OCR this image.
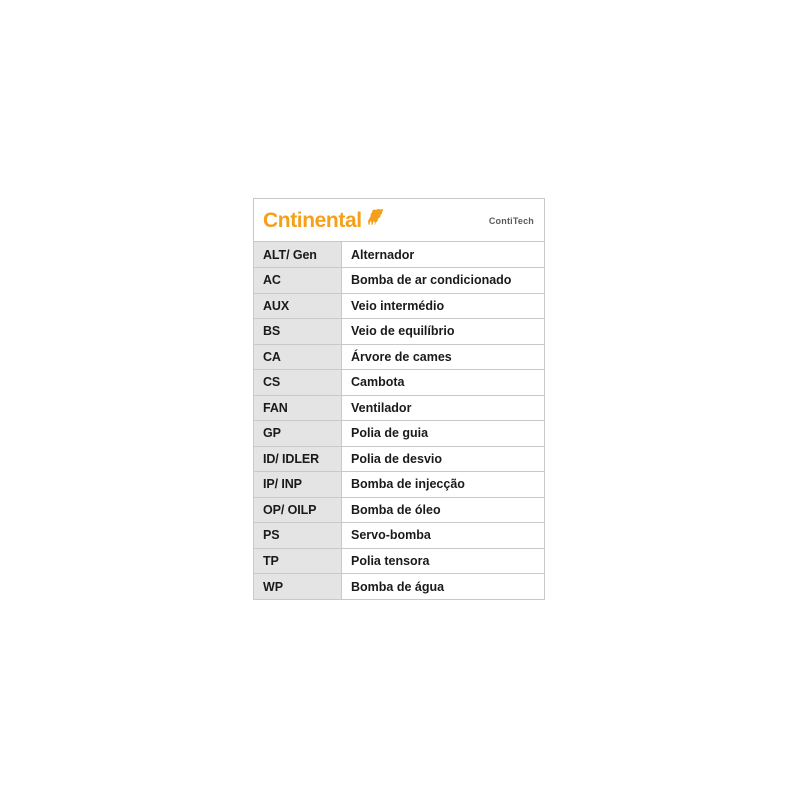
Cntinental	ContiTech
ALT/ Gen	Alternador
AC	Bomba de ar condicionado
AUX	Veio intermédio
BS	Veio de equilíbrio
CA	Árvore de cames
CS	Cambota
FAN	Ventilador
GP	Polia de guia
ID/ IDLER	Polia de desvio
IP/ INP	Bomba de injecção
OP/ OILP	Bomba de óleo
PS	Servo-bomba
TP	Polia tensora
WP	Bomba de água
